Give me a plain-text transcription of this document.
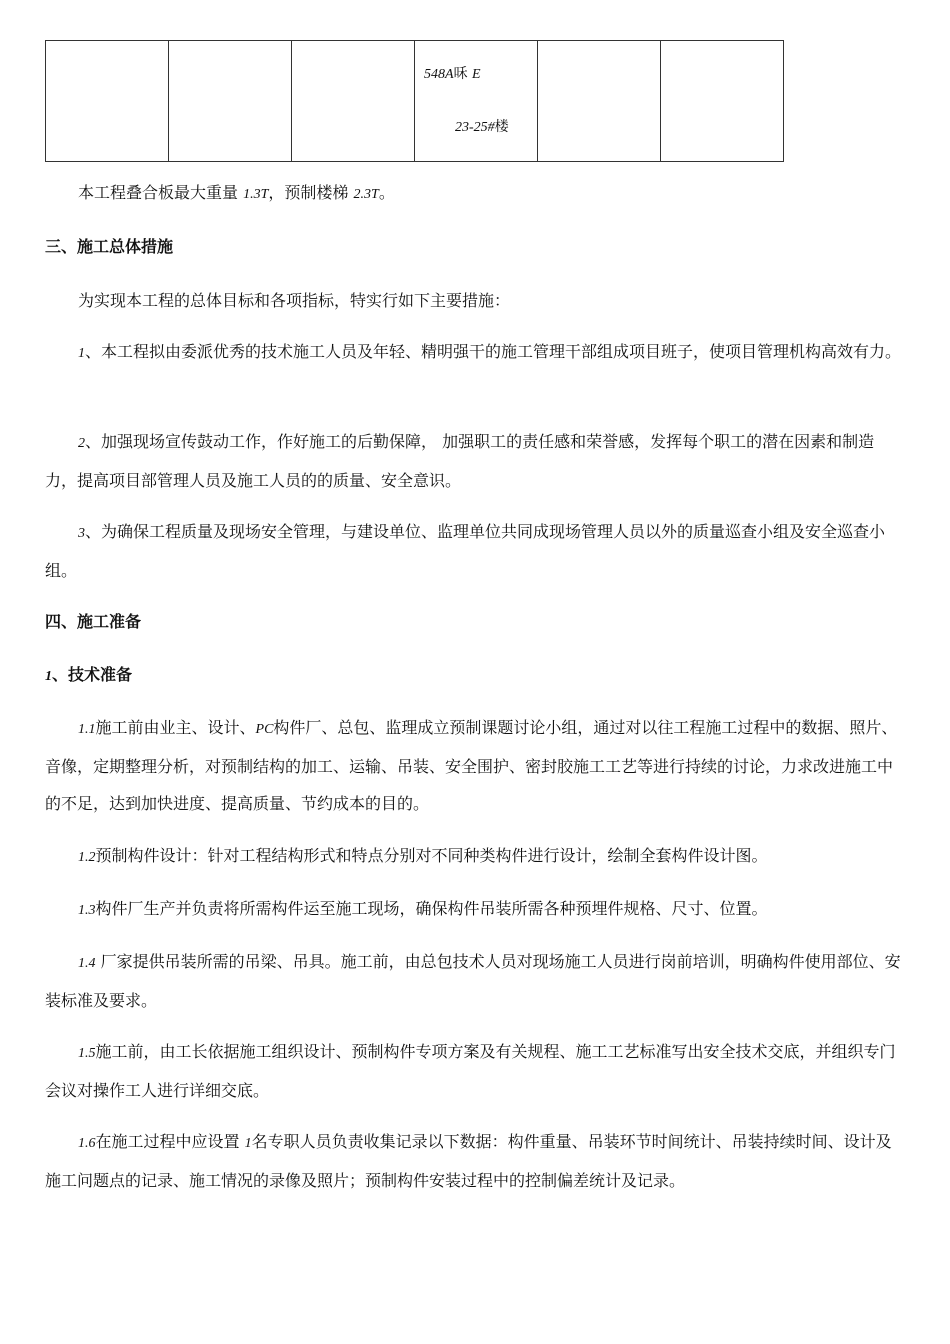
548A咊 E
23-25#楼

本工程叠合板最大重量 1.3T，预制楼梯 2.3T。

三、施工总体措施

为实现本工程的总体目标和各项指标，特实行如下主要措施：

1、本工程拟由委派优秀的技术施工人员及年轻、精明强干的施工管理干部组成项目班子，使项目管理机构高效有力。

2、加强现场宣传鼓动工作，作好施工的后勤保障， 加强职工的责任感和荣誉感，发挥每个职工的潜在因素和制造力，提高项目部管理人员及施工人员的的质量、安全意识。

3、为确保工程质量及现场安全管理，与建设单位、监理单位共同成现场管理人员以外的质量巡查小组及安全巡查小组。

四、施工准备
1、技术准备

1.1施工前由业主、设计、PC构件厂、总包、监理成立预制课题讨论小组，通过对以往工程施工过程中的数据、照片、音像，定期整理分析，对预制结构的加工、运输、吊装、安全围护、密封胶施工工艺等进行持续的讨论，力求改进施工中的不足，达到加快进度、提高质量、节约成本的目的。

1.2预制构件设计：针对工程结构形式和特点分别对不同种类构件进行设计，绘制全套构件设计图。

1.3构件厂生产并负责将所需构件运至施工现场，确保构件吊装所需各种预埋件规格、尺寸、位置。

1.4 厂家提供吊装所需的吊梁、吊具。施工前，由总包技术人员对现场施工人员进行岗前培训，明确构件使用部位、安装标准及要求。

1.5施工前，由工长依据施工组织设计、预制构件专项方案及有关规程、施工工艺标准写出安全技术交底，并组织专门会议对操作工人进行详细交底。

1.6在施工过程中应设置 1名专职人员负责收集记录以下数据：构件重量、吊装环节时间统计、吊装持续时间、设计及施工问题点的记录、施工情况的录像及照片；预制构件安装过程中的控制偏差统计及记录。
